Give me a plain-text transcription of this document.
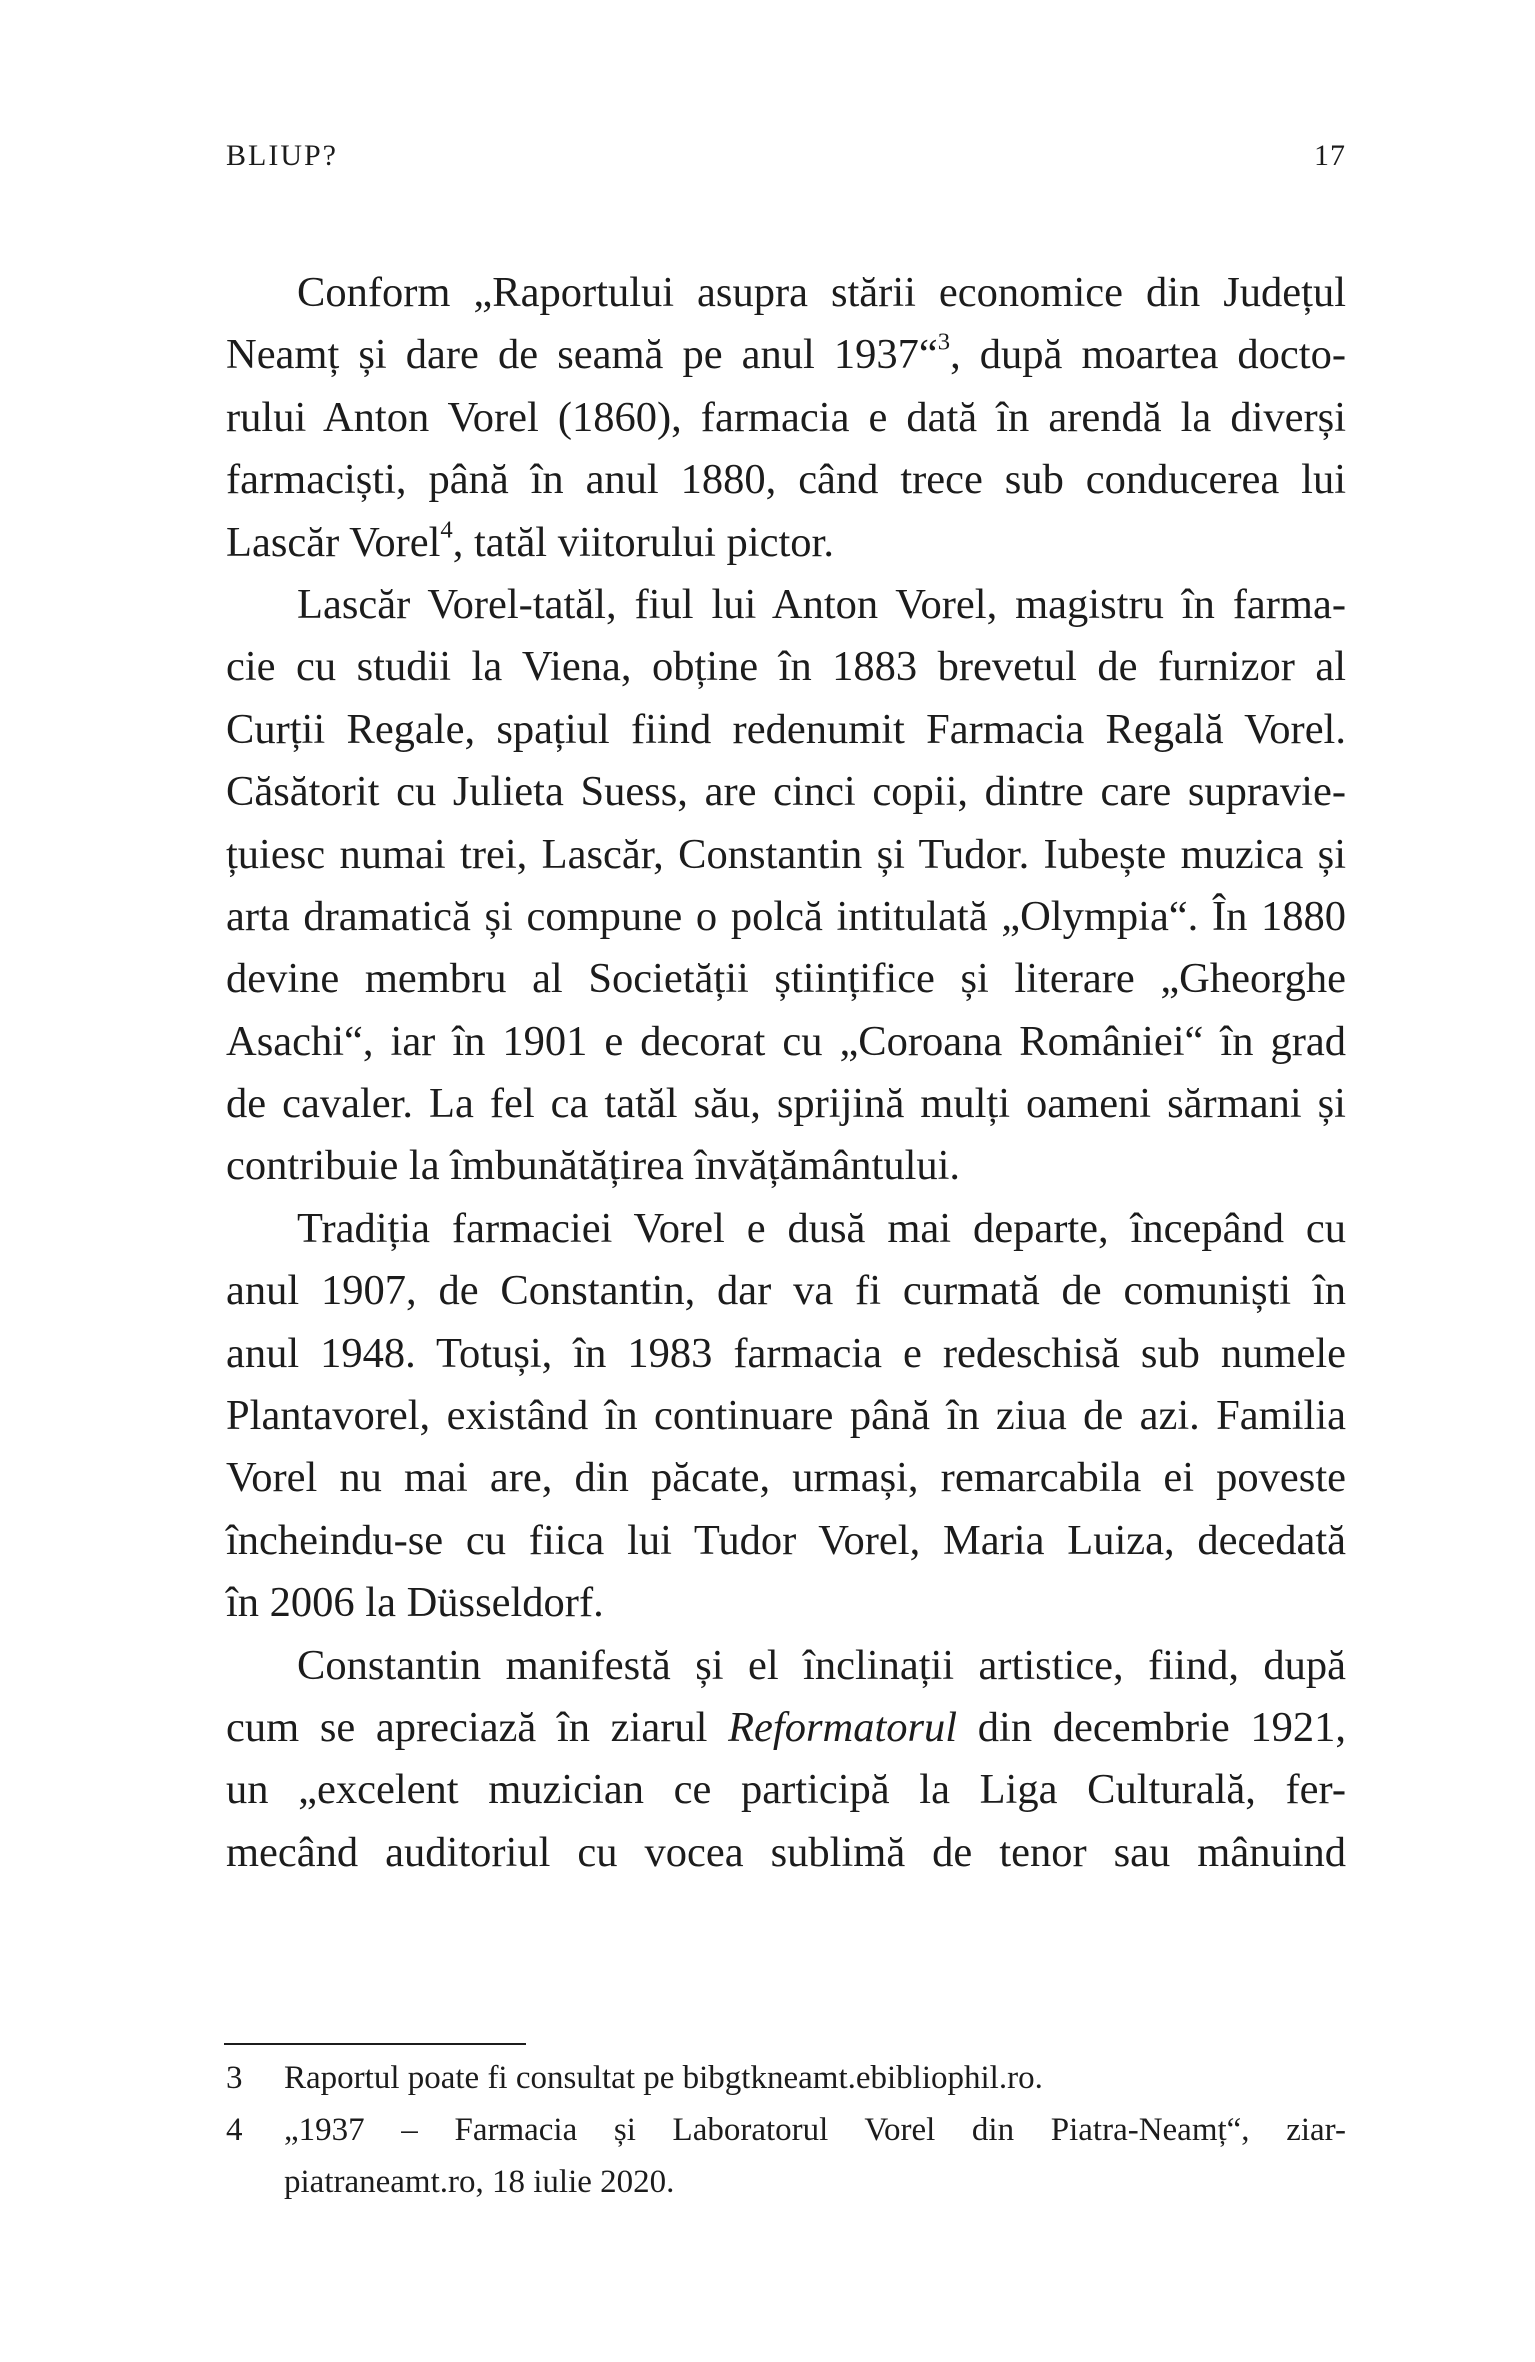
BLIUP?	17

Conform „Raportului asupra stării economice din Județul
Neamț și dare de seamă pe anul 1937“$^3$, după moartea docto-
rului Anton Vorel (1860), farmacia e dată în arendă la diverși
farmaciști, până în anul 1880, când trece sub conducerea lui
Lascăr Vorel$^4$, tatăl viitorului pictor.

Lascăr Vorel-tatăl, fiul lui Anton Vorel, magistru în farma-
cie cu studii la Viena, obține în 1883 brevetul de furnizor al
Curții Regale, spațiul fiind redenumit Farmacia Regală Vorel.
Căsătorit cu Julieta Suess, are cinci copii, dintre care supravie-
țuiesc numai trei, Lascăr, Constantin și Tudor. Iubește muzica și
arta dramatică și compune o polcă intitulată „Olympia“. În 1880
devine membru al Societății științifice și literare „Gheorghe
Asachi“, iar în 1901 e decorat cu „Coroana României“ în grad
de cavaler. La fel ca tatăl său, sprijină mulți oameni sărmani și
contribuie la îmbunătățirea învățământului.

Tradiția farmaciei Vorel e dusă mai departe, începând cu
anul 1907, de Constantin, dar va fi curmată de comuniști în
anul 1948. Totuși, în 1983 farmacia e redeschisă sub numele
Plantavorel, existând în continuare până în ziua de azi. Familia
Vorel nu mai are, din păcate, urmași, remarcabila ei poveste
încheindu-se cu fiica lui Tudor Vorel, Maria Luiza, decedată
în 2006 la Düsseldorf.

Constantin manifestă și el înclinații artistice, fiind, după
cum se apreciază în ziarul Reformatorul din decembrie 1921,
un „excelent muzician ce participă la Liga Culturală, fer-
mecând auditoriul cu vocea sublimă de tenor sau mânuind

3	Raportul poate fi consultat pe bibgtkneamt.ebibliophil.ro.
4	„1937 – Farmacia și Laboratorul Vorel din Piatra-Neamț“, ziar-
piatraneamt.ro, 18 iulie 2020.
